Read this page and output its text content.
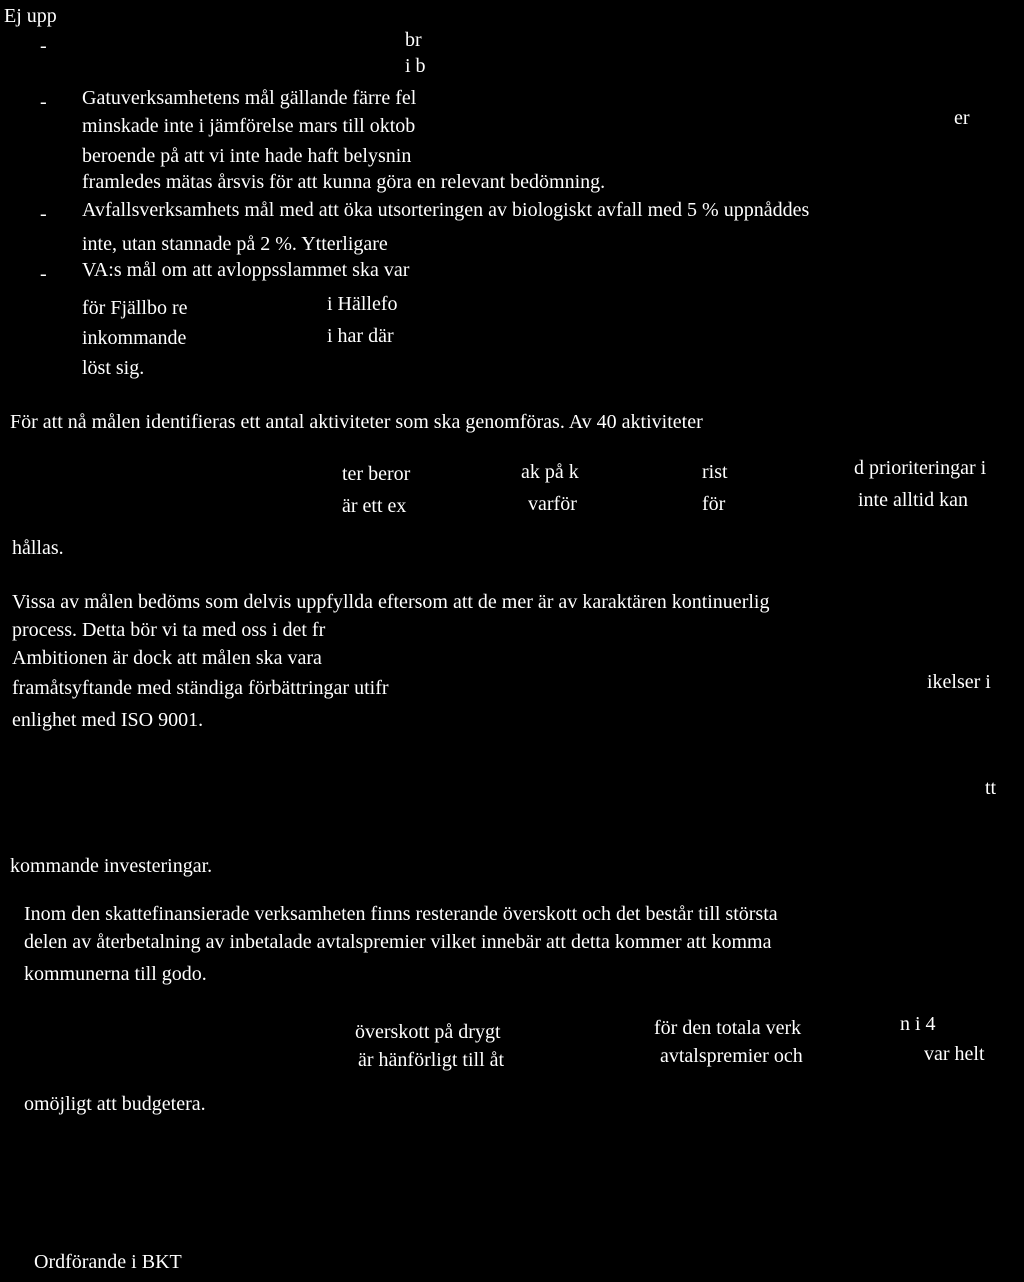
Ej upp
-	br
i b
- Gatuverksamhetens mål gällande färre fel
minskade inte i jämförelse mars till oktob	er
beroende på att vi inte hade haft belysnin
framledes mätas årsvis för att kunna göra en relevant bedömning.
- Avfallsverksamhets mål med att öka utsorteringen av biologiskt avfall med 5 % uppnåddes
inte, utan stannade på 2 %. Ytterligare
- VA:s mål om att avloppsslammet ska var
för Fjällbo re	i Hällefo
inkommande	i har där
löst sig.
För att nå målen identifieras ett antal aktiviteter som ska genomföras. Av 40 aktiviteter
ter beror	ak på k	rist	d prioriteringar i
är ett ex	varför	för	inte alltid kan
hållas.
Vissa av målen bedöms som delvis uppfyllda eftersom att de mer är av karaktären kontinuerlig
process. Detta bör vi ta med oss i det fr
Ambitionen är dock att målen ska vara
framåtsyftande med ständiga förbättringar utifr	ikelser i
enlighet med ISO 9001.
tt
kommande investeringar.
Inom den skattefinansierade verksamheten finns resterande överskott och det består till största
delen av återbetalning av inbetalade avtalspremier vilket innebär att detta kommer att komma
kommunerna till godo.
överskott på drygt	för den totala verk	n i 4
är hänförligt till åt	avtalspremier och	var helt
omöjligt att budgetera.
Ordförande i BKT
